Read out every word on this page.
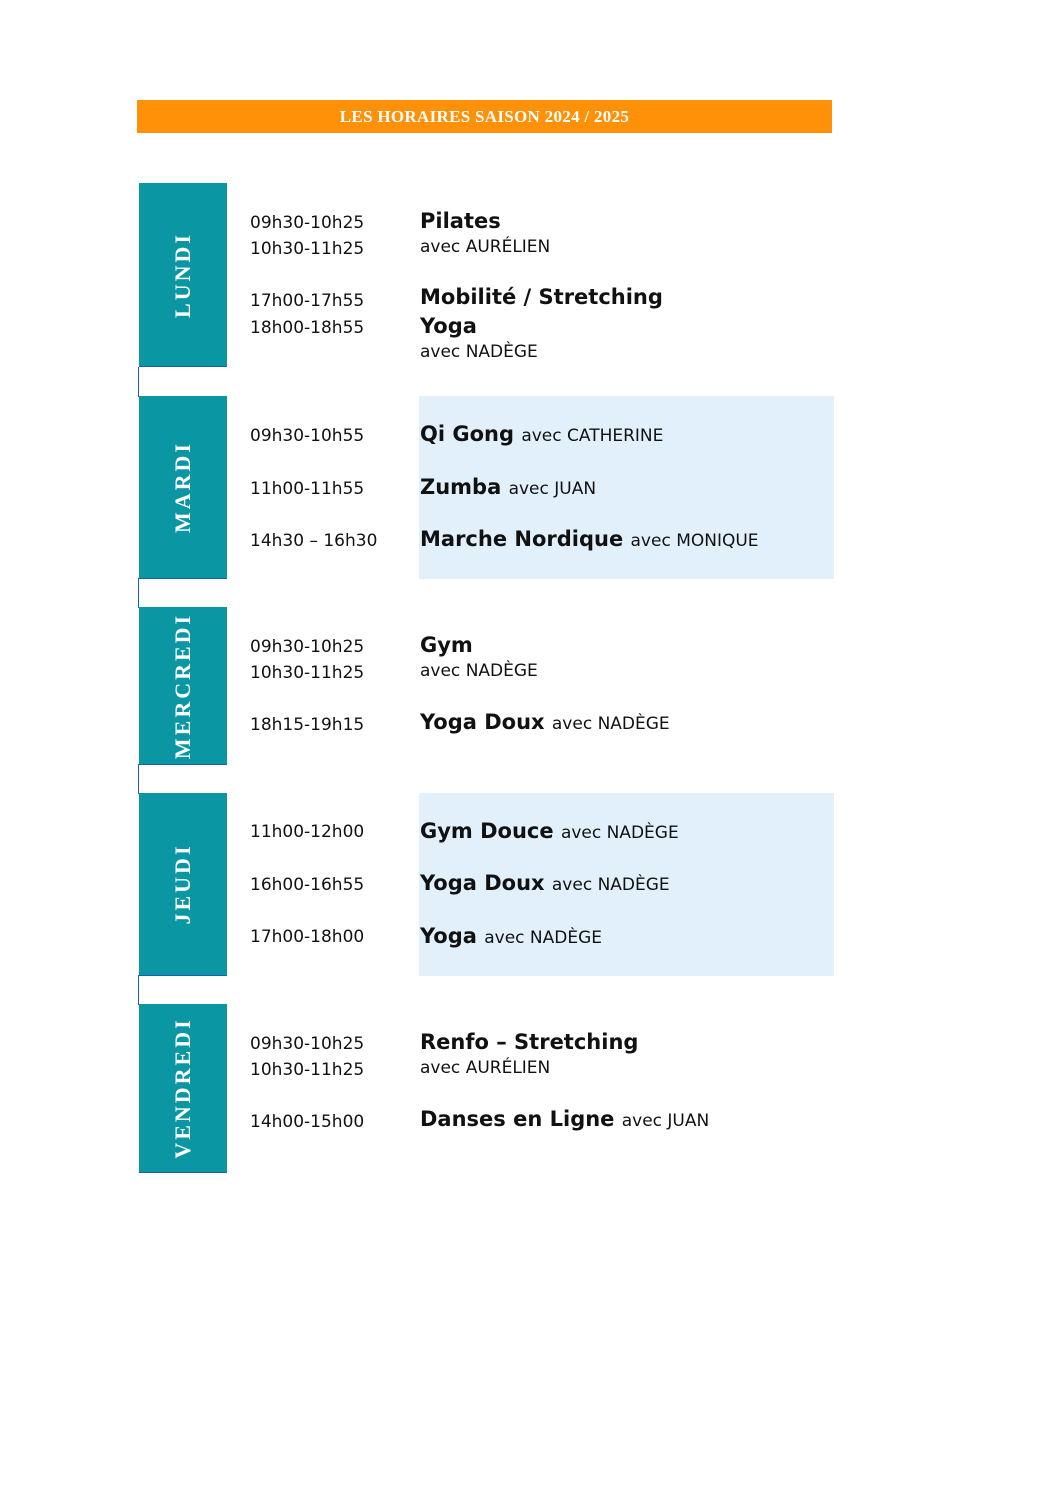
LES HORAIRES SAISON 2024 / 2025
LUNDI
09h30-10h25
10h30-11h25
17h00-17h55
18h00-18h55
Pilates
avec AURÉLIEN
Mobilité / Stretching
Yoga
avec NADÈGE
MARDI
09h30-10h55
11h00-11h55
14h30 – 16h30
Qi Gong avec CATHERINE
Zumba avec JUAN
Marche Nordique avec MONIQUE
MERCREDI	09h30-10h25
10h30-11h25
18h15-19h15
Gym
avec NADÈGE
Yoga Doux avec NADÈGE
JEUDI
11h00-12h00
16h00-16h55
17h00-18h00
Gym Douce avec NADÈGE
Yoga Doux avec NADÈGE
Yoga avec NADÈGE
VENDREDI	09h30-10h25
10h30-11h25
14h00-15h00
Renfo – Stretching
avec AURÉLIEN
Danses en Ligne avec JUAN
